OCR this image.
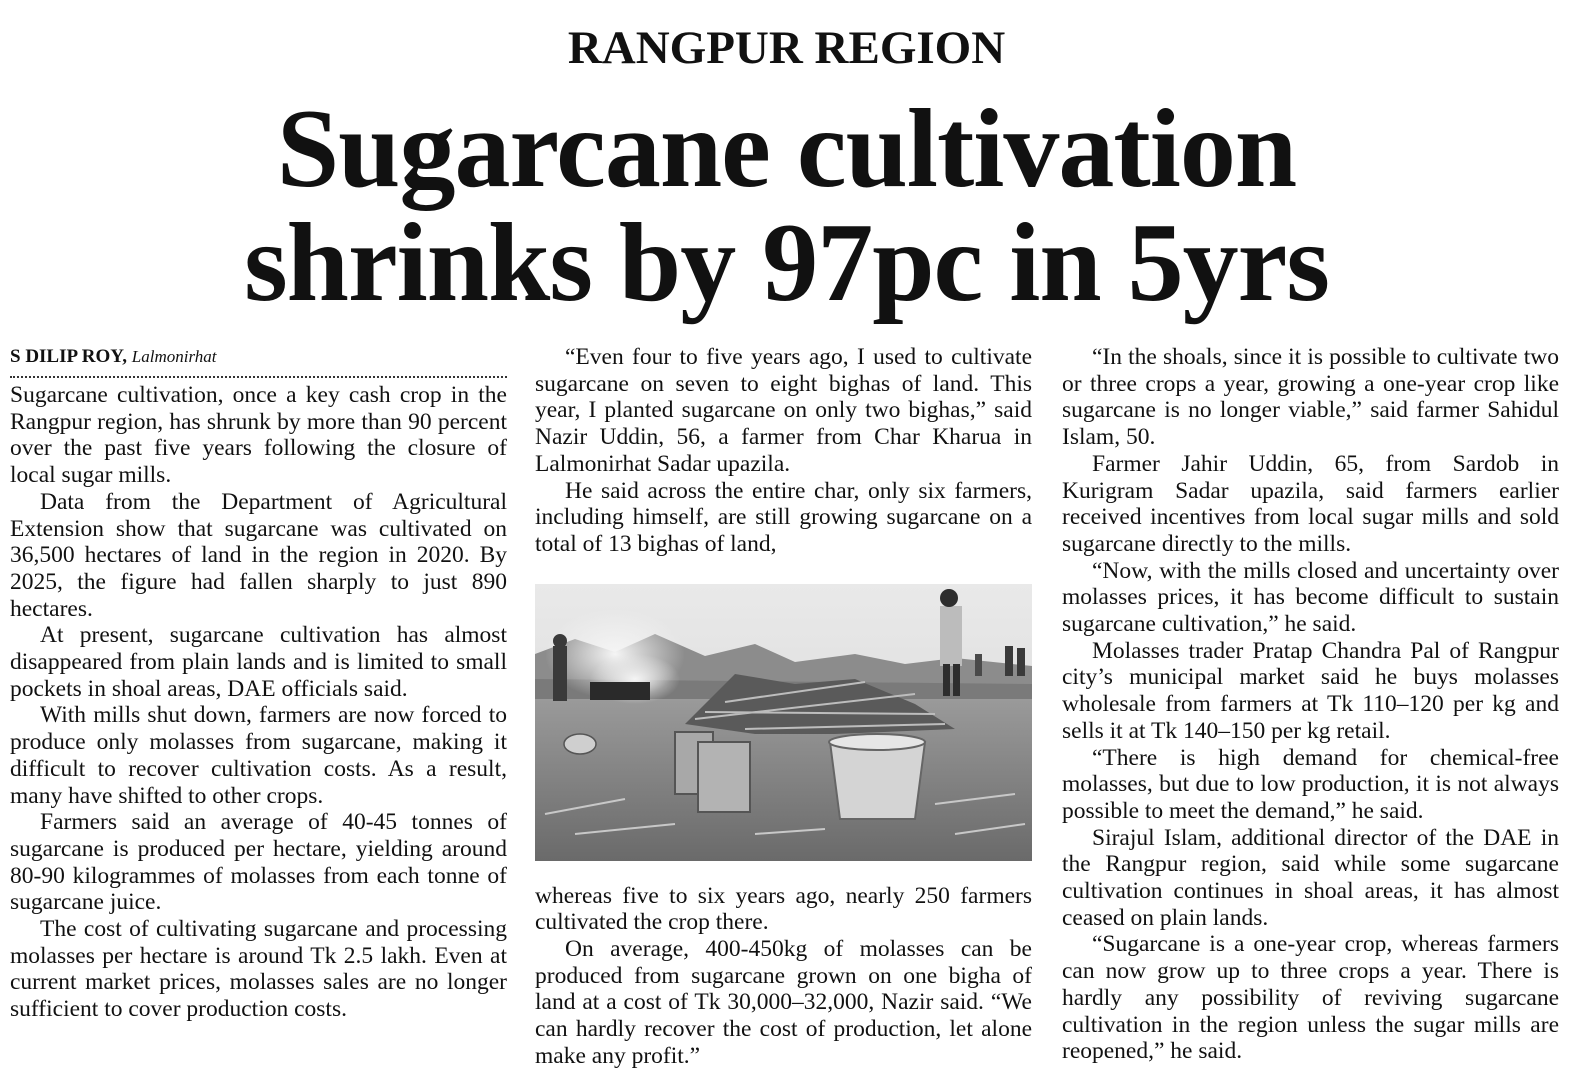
RANGPUR REGION
Sugarcane cultivation
shrinks by 97pc in 5yrs
S DILIP ROY, Lalmonirhat

Sugarcane cultivation, once a key cash crop in the Rangpur region, has shrunk by more than 90 percent over the past five years following the closure of local sugar mills.

Data from the Department of Agricultural Extension show that sugarcane was cultivated on 36,500 hectares of land in the region in 2020. By 2025, the figure had fallen sharply to just 890 hectares.

At present, sugarcane cultivation has almost disappeared from plain lands and is limited to small pockets in shoal areas, DAE officials said.

With mills shut down, farmers are now forced to produce only molasses from sugarcane, making it difficult to recover cultivation costs. As a result, many have shifted to other crops.

Farmers said an average of 40-45 tonnes of sugarcane is produced per hectare, yielding around 80-90 kilogrammes of molasses from each tonne of sugarcane juice.

The cost of cultivating sugarcane and processing molasses per hectare is around Tk 2.5 lakh. Even at current market prices, molasses sales are no longer sufficient to cover production costs.

“Even four to five years ago, I used to cultivate sugarcane on seven to eight bighas of land. This year, I planted sugarcane on only two bighas,” said Nazir Uddin, 56, a farmer from Char Kharua in Lalmonirhat Sadar upazila.

He said across the entire char, only six farmers, including himself, are still growing sugarcane on a total of 13 bighas of land,

whereas five to six years ago, nearly 250 farmers cultivated the crop there.

On average, 400-450kg of molasses can be produced from sugarcane grown on one bigha of land at a cost of Tk 30,000–32,000, Nazir said. “We can hardly recover the cost of production, let alone make any profit.”

“In the shoals, since it is possible to cultivate two or three crops a year, growing a one-year crop like sugarcane is no longer viable,” said farmer Sahidul Islam, 50.

Farmer Jahir Uddin, 65, from Sardob in Kurigram Sadar upazila, said farmers earlier received incentives from local sugar mills and sold sugarcane directly to the mills.

“Now, with the mills closed and uncertainty over molasses prices, it has become difficult to sustain sugarcane cultivation,” he said.

Molasses trader Pratap Chandra Pal of Rangpur city’s municipal market said he buys molasses wholesale from farmers at Tk 110–120 per kg and sells it at Tk 140–150 per kg retail.

“There is high demand for chemical-free molasses, but due to low production, it is not always possible to meet the demand,” he said.

Sirajul Islam, additional director of the DAE in the Rangpur region, said while some sugarcane cultivation continues in shoal areas, it has almost ceased on plain lands.

“Sugarcane is a one-year crop, whereas farmers can now grow up to three crops a year. There is hardly any possibility of reviving sugarcane cultivation in the region unless the sugar mills are reopened,” he said.
